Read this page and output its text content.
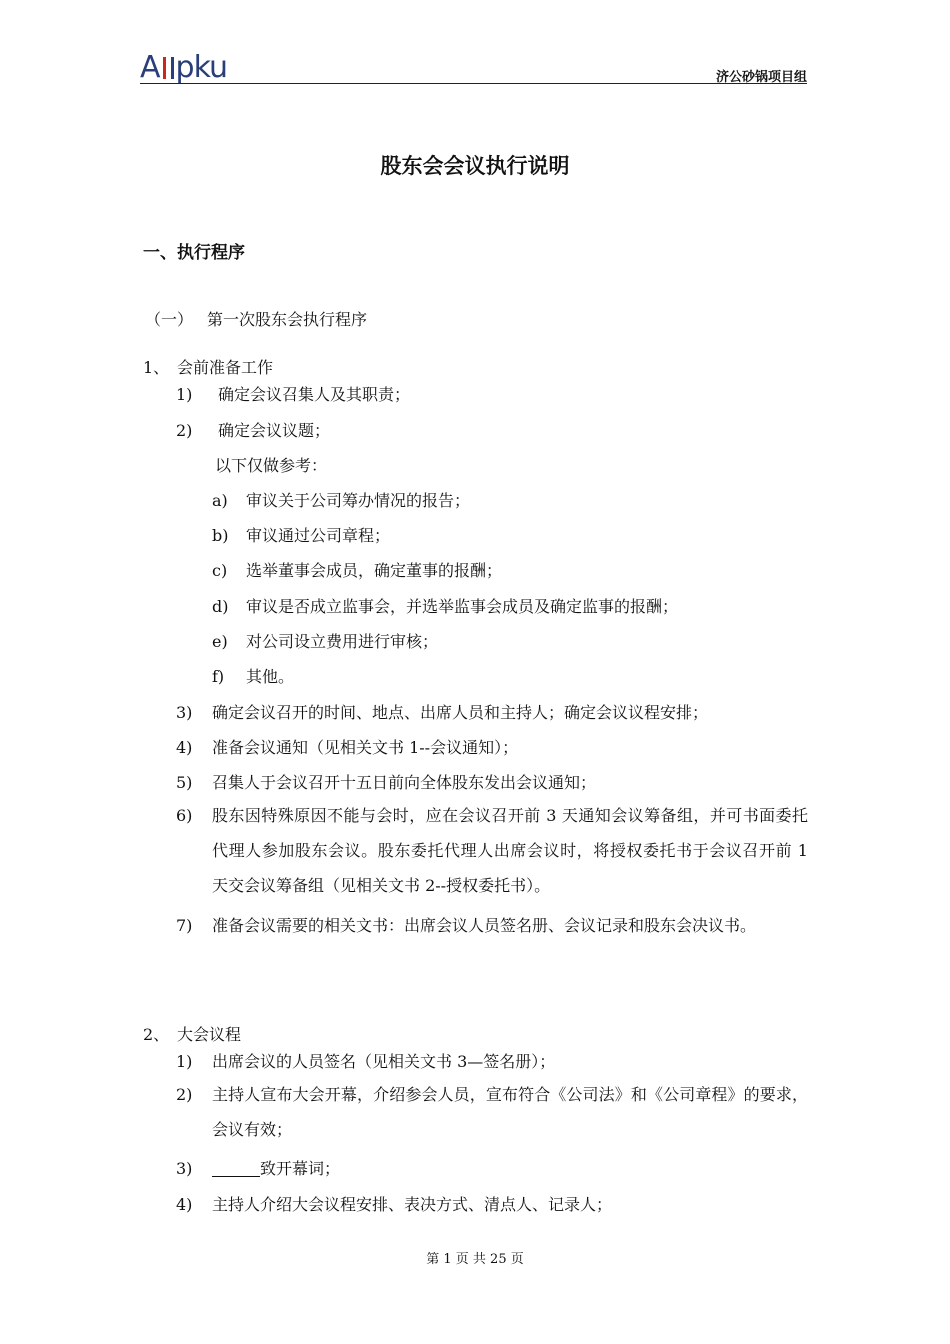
A pku	济公砂锅项目组
股东会会议执行说明
一、执行程序
（一） 第一次股东会执行程序
1、 会前准备工作
1) 确定会议召集人及其职责；
2) 确定会议议题；
以下仅做参考：
a) 审议关于公司筹办情况的报告；
b) 审议通过公司章程；
c) 选举董事会成员，确定董事的报酬；
d) 审议是否成立监事会，并选举监事会成员及确定监事的报酬；
e) 对公司设立费用进行审核；
f) 其他。
3) 确定会议召开的时间、地点、出席人员和主持人；确定会议议程安排；
4) 准备会议通知（见相关文书 1--会议通知）；
5) 召集人于会议召开十五日前向全体股东发出会议通知；
6) 股东因特殊原因不能与会时，应在会议召开前 3 天通知会议筹备组，并可书面委托代理人参加股东会议。股东委托代理人出席会议时，将授权委托书于会议召开前 1 天交会议筹备组（见相关文书 2--授权委托书）。
7) 准备会议需要的相关文书：出席会议人员签名册、会议记录和股东会决议书。
2、 大会议程
1) 出席会议的人员签名（见相关文书 3—签名册）；
2) 主持人宣布大会开幕，介绍参会人员，宣布符合《公司法》和《公司章程》的要求，会议有效；
3)	致开幕词；
4) 主持人介绍大会议程安排、表决方式、清点人、记录人；
第 1 页 共 25 页
